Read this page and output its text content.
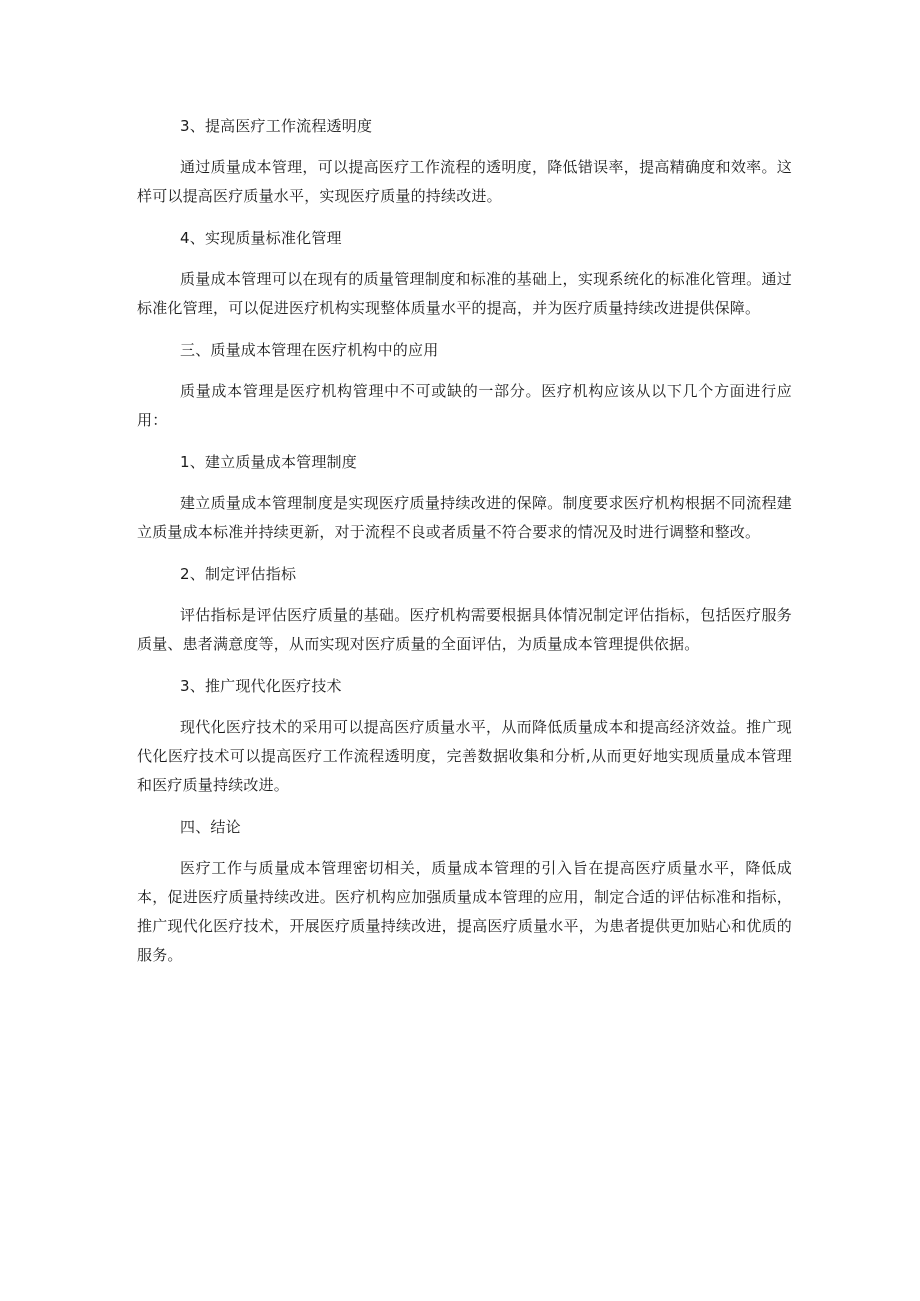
3、提高医疗工作流程透明度

通过质量成本管理，可以提高医疗工作流程的透明度，降低错误率，提高精确度和效率。这样可以提高医疗质量水平，实现医疗质量的持续改进。

4、实现质量标准化管理

质量成本管理可以在现有的质量管理制度和标准的基础上，实现系统化的标准化管理。通过标准化管理，可以促进医疗机构实现整体质量水平的提高，并为医疗质量持续改进提供保障。

三、质量成本管理在医疗机构中的应用

质量成本管理是医疗机构管理中不可或缺的一部分。医疗机构应该从以下几个方面进行应用：

1、建立质量成本管理制度

建立质量成本管理制度是实现医疗质量持续改进的保障。制度要求医疗机构根据不同流程建立质量成本标准并持续更新，对于流程不良或者质量不符合要求的情况及时进行调整和整改。

2、制定评估指标

评估指标是评估医疗质量的基础。医疗机构需要根据具体情况制定评估指标，包括医疗服务质量、患者满意度等，从而实现对医疗质量的全面评估，为质量成本管理提供依据。

3、推广现代化医疗技术

现代化医疗技术的采用可以提高医疗质量水平，从而降低质量成本和提高经济效益。推广现代化医疗技术可以提高医疗工作流程透明度，完善数据收集和分析,从而更好地实现质量成本管理和医疗质量持续改进。

四、结论

医疗工作与质量成本管理密切相关，质量成本管理的引入旨在提高医疗质量水平，降低成本，促进医疗质量持续改进。医疗机构应加强质量成本管理的应用，制定合适的评估标准和指标，推广现代化医疗技术，开展医疗质量持续改进，提高医疗质量水平，为患者提供更加贴心和优质的服务。
